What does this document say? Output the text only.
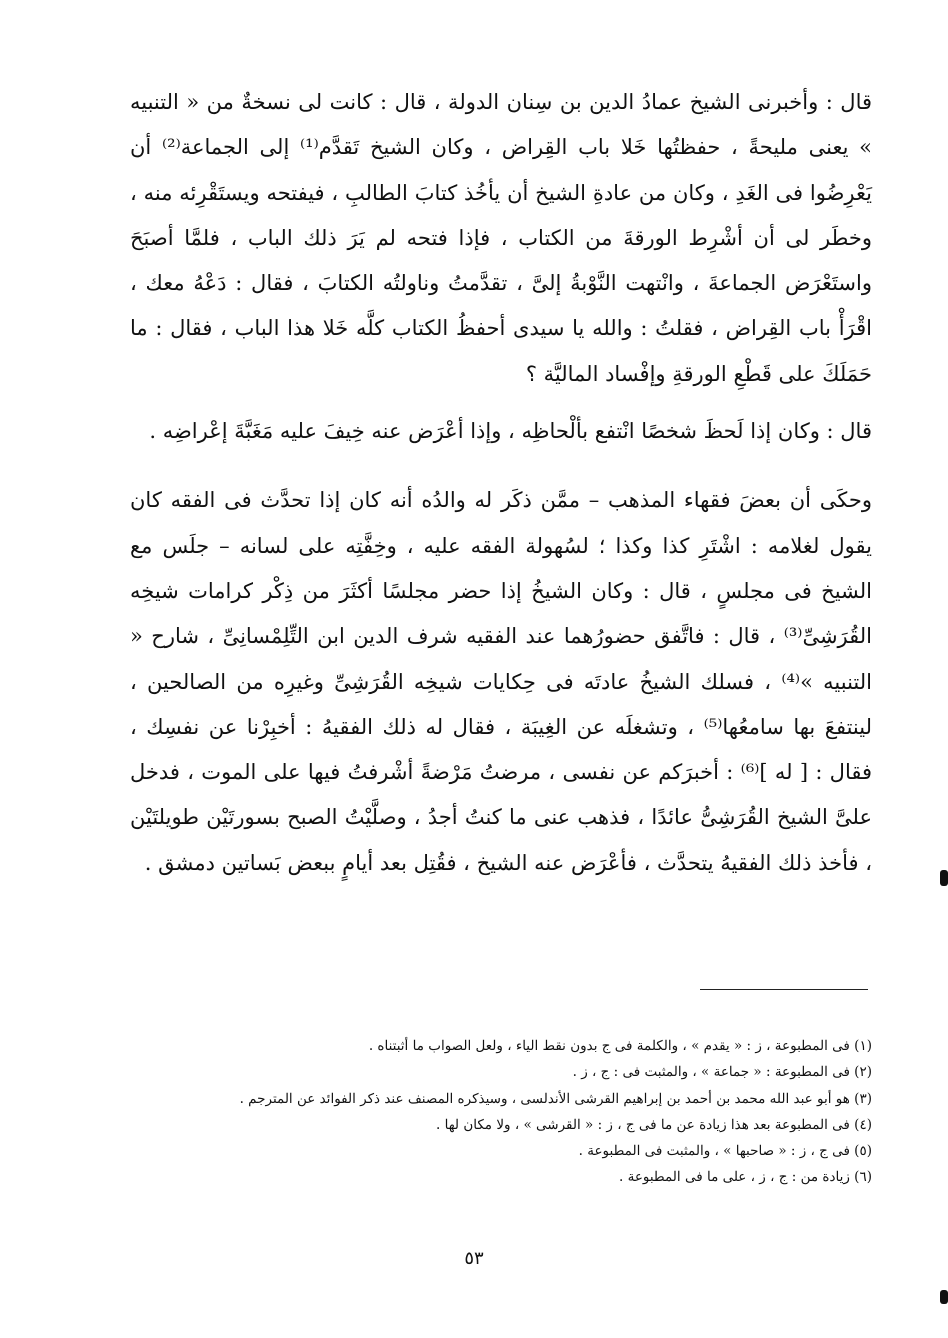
قال : وأخبرنى الشيخ عمادُ الدين بن سِنان الدولة ، قال : كانت لى نسخةٌ من « التنبيه » يعنى مليحةً ، حفظتُها خَلا باب القِراض ، وكان الشيخ تَقدَّم⁽¹⁾ إلى الجماعة⁽²⁾ أن يَعْرِضُوا فى الغَدِ ، وكان من عادةِ الشيخ أن يأخُذ كتابَ الطالبِ ، فيفتحه ويستَقْرِئه منه ، وخطَر لى أن أشْرِط الورقةَ من الكتاب ، فإذا فتحه لم يَرَ ذلك الباب ، فلمَّا أصبَحَ واستَعْرَض الجماعةَ ، وانْتهت النَّوْبةُ إلىَّ ، تقدَّمتُ وناولتُه الكتابَ ، فقال : دَعْهُ معك ، اقْرَأْ باب القِراض ، فقلتُ : والله يا سيدى أحفظُ الكتاب كلَّه خَلا هذا الباب ، فقال : ما حَمَلَكَ على قَطْعِ الورقةِ وإفْساد الماليَّة ؟

قال : وكان إذا لَحظَ شخصًا انْتفع بألْحاظِه ، وإذا أعْرَض عنه خِيفَ عليه مَغَبَّةَ إعْراضِه .

وحكَى أن بعضَ فقهاء المذهب – ممَّن ذكَر له والدُه أنه كان إذا تحدَّث فى الفقه كان يقول لغلامه : اشْتَرِ كذا وكذا ؛ لسُهولة الفقه عليه ، وخِفَّتِه على لسانه – جلَس مع الشيخ فى مجلسٍ ، قال : وكان الشيخُ إذا حضر مجلسًا أكثَرَ من ذِكْر كرامات شيخِه القُرَشِىِّ⁽³⁾ ، قال : فاتَّفق حضورُهما عند الفقيه شرف الدين ابن التِّلِمْسانِىِّ ، شارح « التنبيه »⁽⁴⁾ ، فسلك الشيخُ عادتَه فى حِكايات شيخِه القُرَشِىِّ وغيرِه من الصالحين ، لينتفعَ بها سامعُها⁽⁵⁾ ، وتشغلَه عن الغِيبَة ، فقال له ذلك الفقيهُ : أخبِرْنا عن نفسِك ، فقال : [ له ]⁽⁶⁾ : أخبرَكم عن نفسى ، مرضتُ مَرْضةً أشْرفتُ فيها على الموت ، فدخل علىَّ الشيخ القُرَشِىُّ عائدًا ، فذهب عنى ما كنتُ أجدُ ، وصلَّيْتُ الصبح بسورتَيْن طويلتَيْن ، فأخذ ذلك الفقيهُ يتحدَّث ، فأعْرَض عنه الشيخ ، فقُتِل بعد أيامٍ ببعض بَساتين دمشق .

(١) فى المطبوعة ، ز : « يقدم » ، والكلمة فى ج بدون نقط الياء ، ولعل الصواب ما أثبتناه .

(٢) فى المطبوعة : « جماعة » ، والمثبت فى : ج ، ز .

(٣) هو أبو عبد الله محمد بن أحمد بن إبراهيم القرشى الأندلسى ، وسيذكره المصنف عند ذكر الفوائد عن المترجم .

(٤) فى المطبوعة بعد هذا زيادة عن ما فى ج ، ز : « القرشى » ، ولا مكان لها .

(٥) فى ج ، ز : « صاحبها » ، والمثبت فى المطبوعة .

(٦) زيادة من : ج ، ز ، على ما فى المطبوعة .

٥٣
